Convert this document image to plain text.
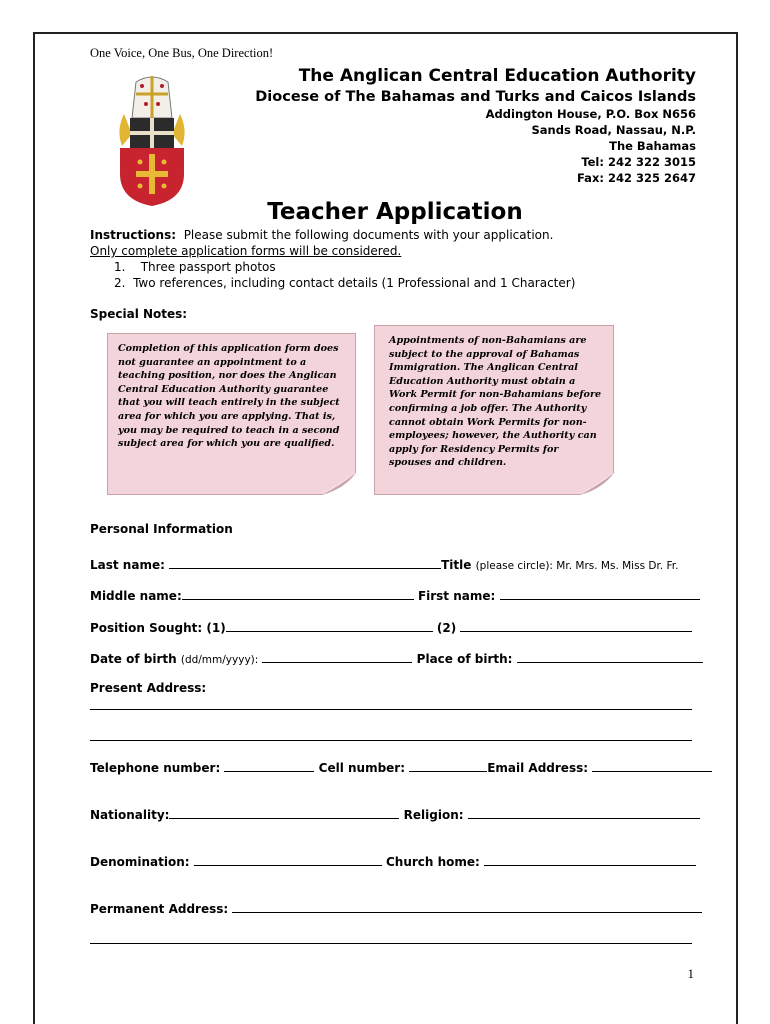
One Voice, One Bus, One Direction!
The Anglican Central Education Authority
Diocese of The Bahamas and Turks and Caicos Islands
Addington House, P.O. Box N656
Sands Road, Nassau, N.P.
The Bahamas
Tel: 242 322 3015
Fax: 242 325 2647
Teacher Application
Instructions: Please submit the following documents with your application.
Only complete application forms will be considered.
1.    Three passport photos
2.  Two references, including contact details (1 Professional and 1 Character)
Special Notes:
Completion of this application form does not guarantee an appointment to a teaching position, nor does the Anglican Central Education Authority guarantee that you will teach entirely in the subject area for which you are applying. That is, you may be required to teach in a second subject area for which you are qualified.
Appointments of non-Bahamians are subject to the approval of Bahamas Immigration. The Anglican Central Education Authority must obtain a Work Permit for non-Bahamians before confirming a job offer. The Authority cannot obtain Work Permits for non-employees; however, the Authority can apply for Residency Permits for spouses and children.
Personal Information
Last name:	Title (please circle): Mr. Mrs. Ms. Miss Dr. Fr.
Middle name:	First name:
Position Sought: (1)	(2)
Date of birth (dd/mm/yyyy):	Place of birth:
Present Address:
Telephone number:	Cell number:	Email Address:
Nationality:	Religion:
Denomination:	Church home:
Permanent Address:
1
